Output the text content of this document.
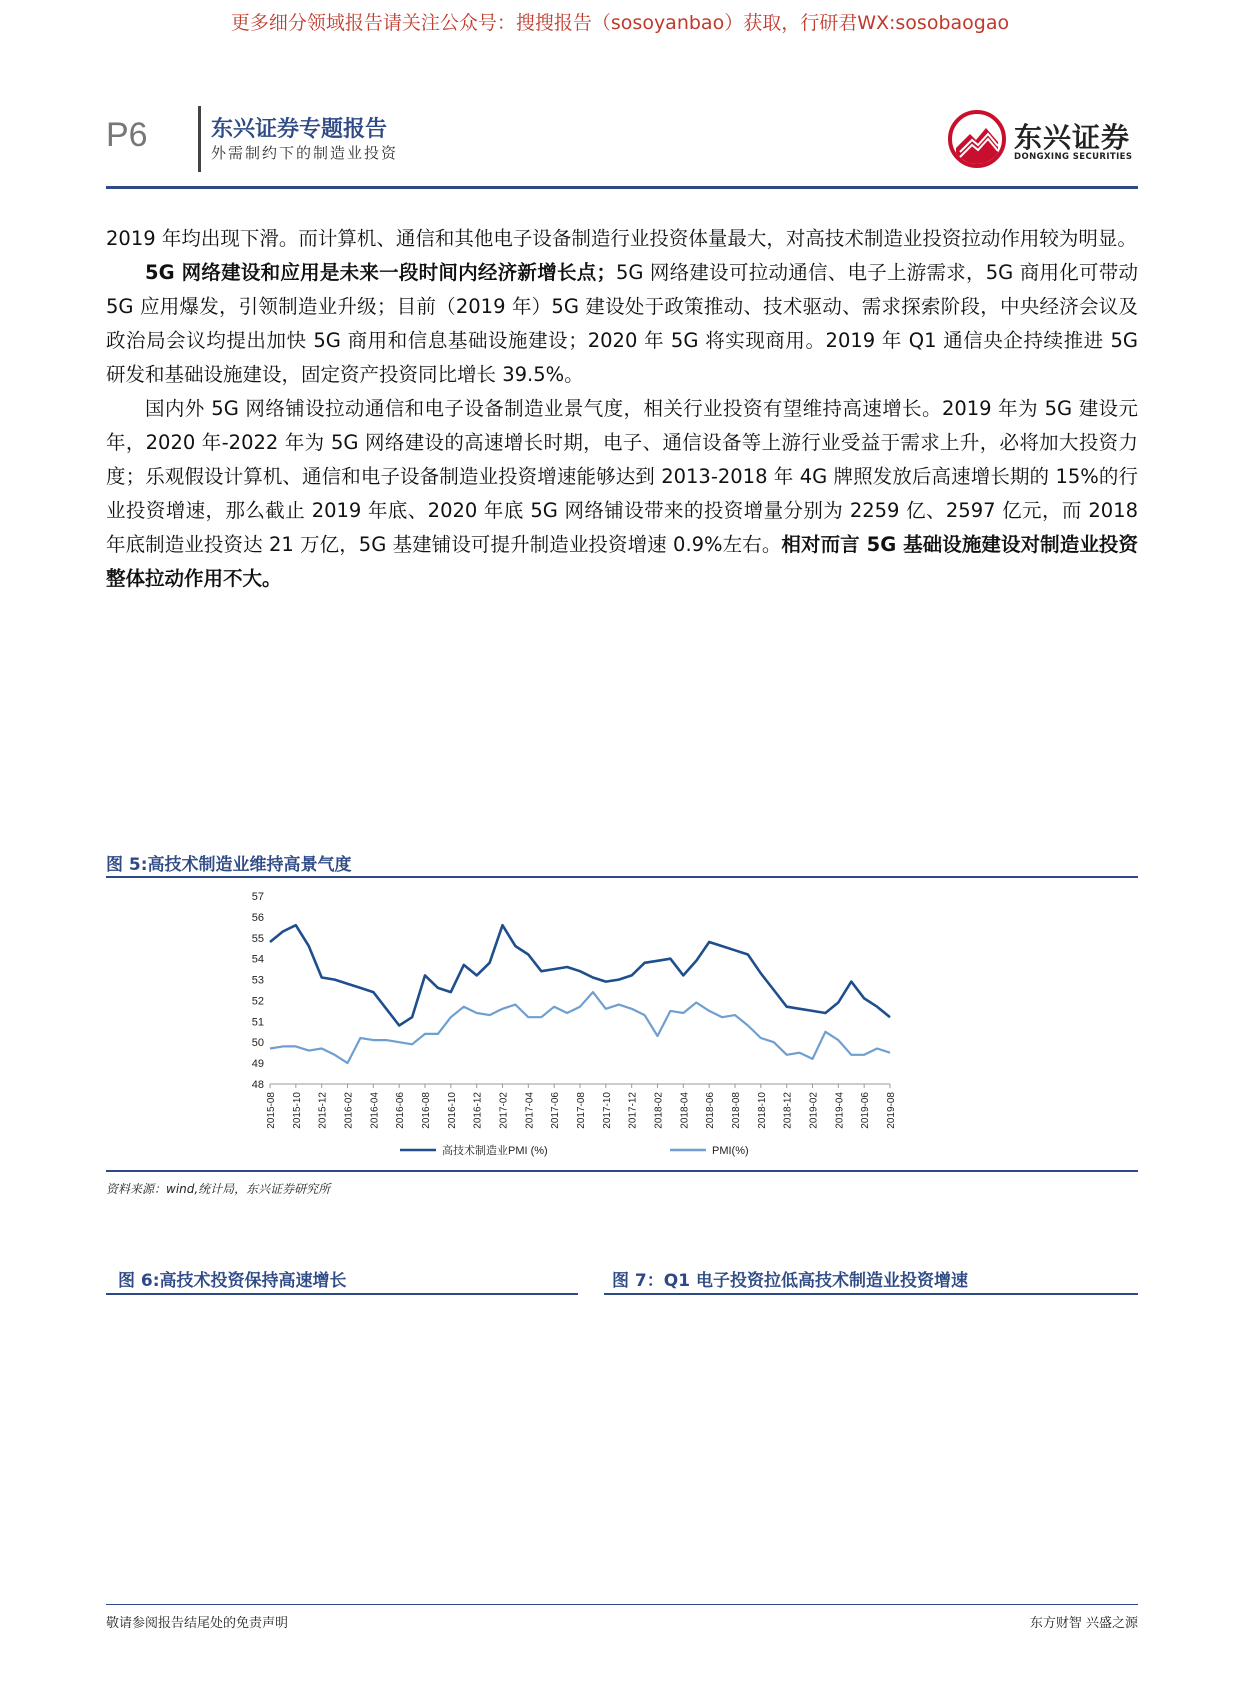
更多细分领域报告请关注公众号：搜搜报告（sosoyanbao）获取，行研君WX:sosobaogao
P6	东兴证券专题报告
外需制约下的制造业投资	东兴证券
DONGXING SECURITIES

2019 年均出现下滑。而计算机、通信和其他电子设备制造行业投资体量最大，对高技术制造业投资拉动作用较为明显。

5G 网络建设和应用是未来一段时间内经济新增长点；5G 网络建设可拉动通信、电子上游需求，5G 商用化可带动 5G 应用爆发，引领制造业升级；目前（2019 年）5G 建设处于政策推动、技术驱动、需求探索阶段，中央经济会议及政治局会议均提出加快 5G 商用和信息基础设施建设；2020 年 5G 将实现商用。2019 年 Q1 通信央企持续推进 5G 研发和基础设施建设，固定资产投资同比增长 39.5%。

国内外 5G 网络铺设拉动通信和电子设备制造业景气度，相关行业投资有望维持高速增长。2019 年为 5G 建设元年，2020 年-2022 年为 5G 网络建设的高速增长时期，电子、通信设备等上游行业受益于需求上升，必将加大投资力度；乐观假设计算机、通信和电子设备制造业投资增速能够达到 2013-2018 年 4G 牌照发放后高速增长期的 15%的行业投资增速，那么截止 2019 年底、2020 年底 5G 网络铺设带来的投资增量分别为 2259 亿、2597 亿元，而 2018 年底制造业投资达 21 万亿，5G 基建铺设可提升制造业投资增速 0.9%左右。相对而言 5G 基础设施建设对制造业投资整体拉动作用不大。

图 5:高技术制造业维持高景气度
48
49
50
51
52
53
54
55
56
57
2015-08 2015-10 2015-12 2016-02 2016-04 2016-06 2016-08 2016-10 2016-12 2017-02 2017-04 2017-06 2017-08 2017-10 2017-12 2018-02 2018-04 2018-06 2018-08 2018-10 2018-12 2019-02 2019-04 2019-06 2019-08
高技术制造业PMI (%)	PMI(%)
资料来源：wind,统计局，东兴证券研究所
图 6:高技术投资保持高速增长	图 7：Q1 电子投资拉低高技术制造业投资增速
敬请参阅报告结尾处的免责声明	东方财智 兴盛之源
